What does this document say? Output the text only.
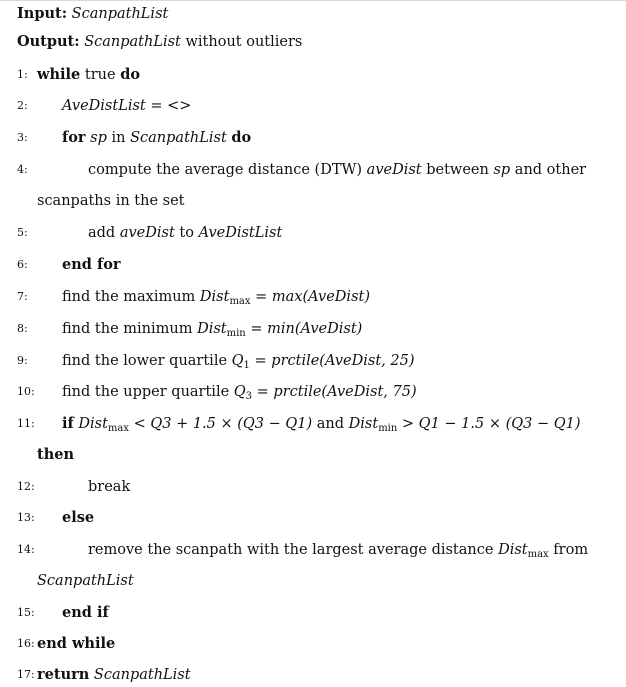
Input: ScanpathList
Output: ScanpathList without outliers
1: while true do
2:	AveDistList = <>
3:	for sp in ScanpathList do
4:	compute the average distance (DTW) aveDist between sp and other
scanpaths in the set
5:	add aveDist to AveDistList
6:	end for
7:	find the maximum Dist$_{max}$ = max(AveDist)
8:	find the minimum Dist$_{min}$ = min(AveDist)
9:	find the lower quartile $Q_1$ = prctile(AveDist, 25)
10: find the upper quartile $Q_3$ = prctile(AveDist, 75)
11: if Dist$_{max}$ < Q3 + 1.5 × (Q3 − Q1) and Dist$_{min}$ > Q1 − 1.5 × (Q3 − Q1)
then
12:	break
13: else
14:	remove the scanpath with the largest average distance Dist$_{max}$ from
ScanpathList
15: end if
16: end while
17: return ScanpathList
